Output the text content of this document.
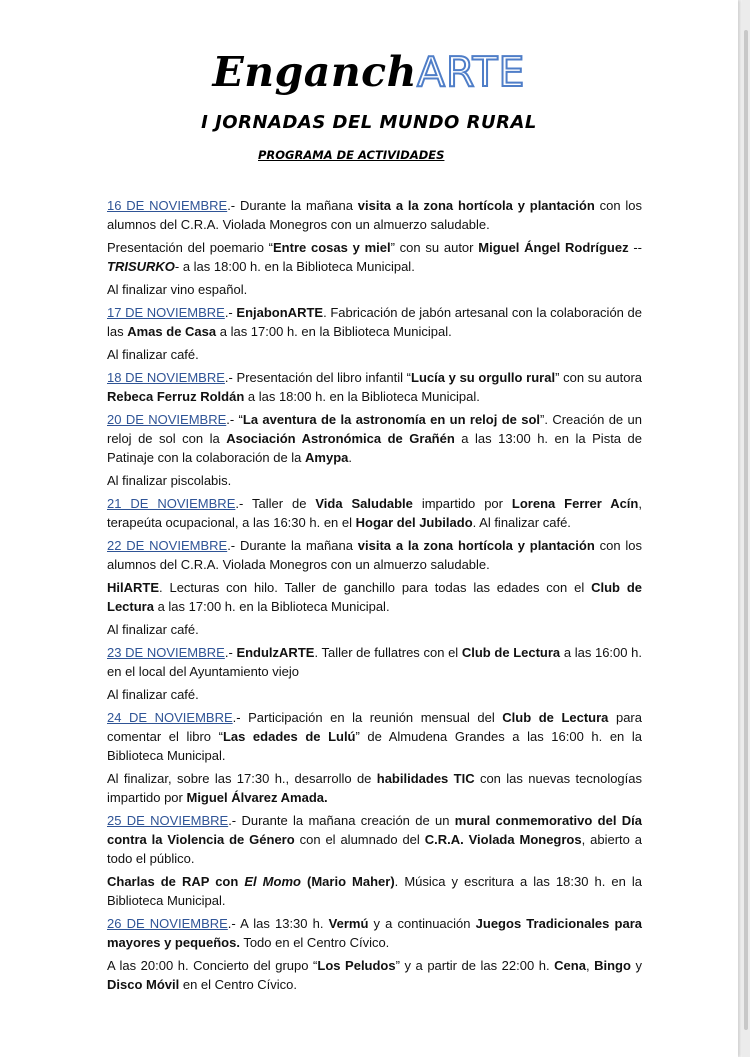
EnganchARTE
I JORNADAS DEL MUNDO RURAL
PROGRAMA DE ACTIVIDADES

16 DE NOVIEMBRE.- Durante la mañana visita a la zona hortícola y plantación con los alumnos del C.R.A. Violada Monegros con un almuerzo saludable.

Presentación del poemario “Entre cosas y miel” con su autor Miguel Ángel Rodríguez --TRISURKO- a las 18:00 h. en la Biblioteca Municipal.

Al finalizar vino español.

17 DE NOVIEMBRE.- EnjabonARTE. Fabricación de jabón artesanal con la colaboración de las Amas de Casa a las 17:00 h. en la Biblioteca Municipal.

Al finalizar café.

18 DE NOVIEMBRE.- Presentación del libro infantil “Lucía y su orgullo rural” con su autora Rebeca Ferruz Roldán a las 18:00 h. en la Biblioteca Municipal.

20 DE NOVIEMBRE.- “La aventura de la astronomía en un reloj de sol”. Creación de un reloj de sol con la Asociación Astronómica de Grañén a las 13:00 h. en la Pista de Patinaje con la colaboración de la Amypa.

Al finalizar piscolabis.

21 DE NOVIEMBRE.- Taller de Vida Saludable impartido por Lorena Ferrer Acín, terapeúta ocupacional, a las 16:30 h. en el Hogar del Jubilado. Al finalizar café.

22 DE NOVIEMBRE.- Durante la mañana visita a la zona hortícola y plantación con los alumnos del C.R.A. Violada Monegros con un almuerzo saludable.

HilARTE. Lecturas con hilo. Taller de ganchillo para todas las edades con el Club de Lectura a las 17:00 h. en la Biblioteca Municipal.

Al finalizar café.

23 DE NOVIEMBRE.- EndulzARTE. Taller de fullatres con el Club de Lectura a las 16:00 h. en el local del Ayuntamiento viejo

Al finalizar café.

24 DE NOVIEMBRE.- Participación en la reunión mensual del Club de Lectura para comentar el libro “Las edades de Lulú” de Almudena Grandes a las 16:00 h. en la Biblioteca Municipal.

Al finalizar, sobre las 17:30 h., desarrollo de habilidades TIC con las nuevas tecnologías impartido por Miguel Álvarez Amada.

25 DE NOVIEMBRE.- Durante la mañana creación de un mural conmemorativo del Día contra la Violencia de Género con el alumnado del C.R.A. Violada Monegros, abierto a todo el público.

Charlas de RAP con El Momo (Mario Maher). Música y escritura a las 18:30 h. en la Biblioteca Municipal.

26 DE NOVIEMBRE.- A las 13:30 h. Vermú y a continuación Juegos Tradicionales para mayores y pequeños. Todo en el Centro Cívico.

A las 20:00 h. Concierto del grupo “Los Peludos” y a partir de las 22:00 h. Cena, Bingo y Disco Móvil en el Centro Cívico.
